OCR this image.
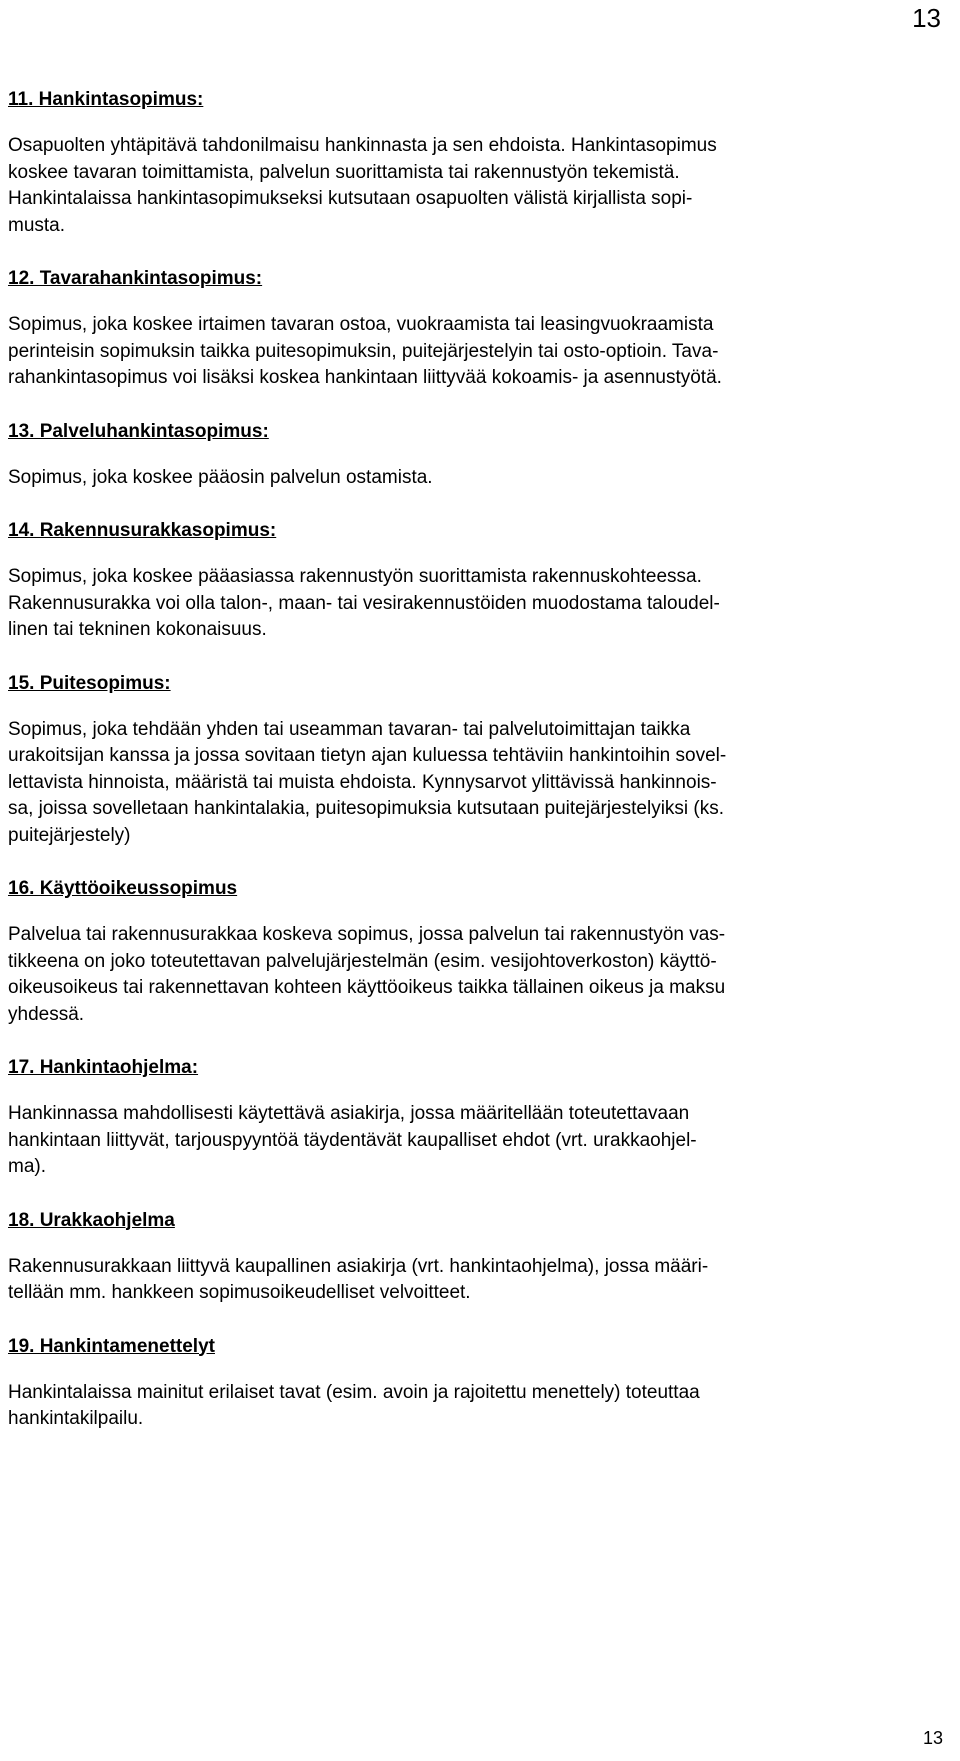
13
11. Hankintasopimus:
Osapuolten yhtäpitävä tahdonilmaisu hankinnasta ja sen ehdoista. Hankintasopimus
koskee tavaran toimittamista, palvelun suorittamista tai rakennustyön tekemistä.
Hankintalaissa hankintasopimukseksi kutsutaan osapuolten välistä kirjallista sopi-
musta.
12. Tavarahankintasopimus:
Sopimus, joka koskee irtaimen tavaran ostoa, vuokraamista tai leasingvuokraamista
perinteisin sopimuksin taikka puitesopimuksin, puitejärjestelyin tai osto-optioin. Tava-
rahankintasopimus voi lisäksi koskea hankintaan liittyvää kokoamis- ja asennustyötä.
13. Palveluhankintasopimus:
Sopimus, joka koskee pääosin palvelun ostamista.
14. Rakennusurakkasopimus:
Sopimus, joka koskee pääasiassa rakennustyön suorittamista rakennuskohteessa.
Rakennusurakka voi olla talon-, maan- tai vesirakennustöiden muodostama taloudel-
linen tai tekninen kokonaisuus.
15. Puitesopimus:
Sopimus, joka tehdään yhden tai useamman tavaran- tai palvelutoimittajan taikka
urakoitsijan kanssa ja jossa sovitaan tietyn ajan kuluessa tehtäviin hankintoihin sovel-
lettavista hinnoista, määristä tai muista ehdoista. Kynnysarvot ylittävissä hankinnois-
sa, joissa sovelletaan hankintalakia, puitesopimuksia kutsutaan puitejärjestelyiksi (ks.
puitejärjestely)
16. Käyttöoikeussopimus
Palvelua tai rakennusurakkaa koskeva sopimus, jossa palvelun tai rakennustyön vas-
tikkeena on joko toteutettavan palvelujärjestelmän (esim. vesijohtoverkoston) käyttö-
oikeusoikeus tai rakennettavan kohteen käyttöoikeus taikka tällainen oikeus ja maksu
yhdessä.
17. Hankintaohjelma:
Hankinnassa mahdollisesti käytettävä asiakirja, jossa määritellään toteutettavaan
hankintaan liittyvät, tarjouspyyntöä täydentävät kaupalliset ehdot (vrt. urakkaohjel-
ma).
18. Urakkaohjelma
Rakennusurakkaan liittyvä kaupallinen asiakirja (vrt. hankintaohjelma), jossa määri-
tellään mm. hankkeen sopimusoikeudelliset velvoitteet.
19. Hankintamenettelyt
Hankintalaissa mainitut erilaiset tavat (esim. avoin ja rajoitettu menettely) toteuttaa
hankintakilpailu.
13
